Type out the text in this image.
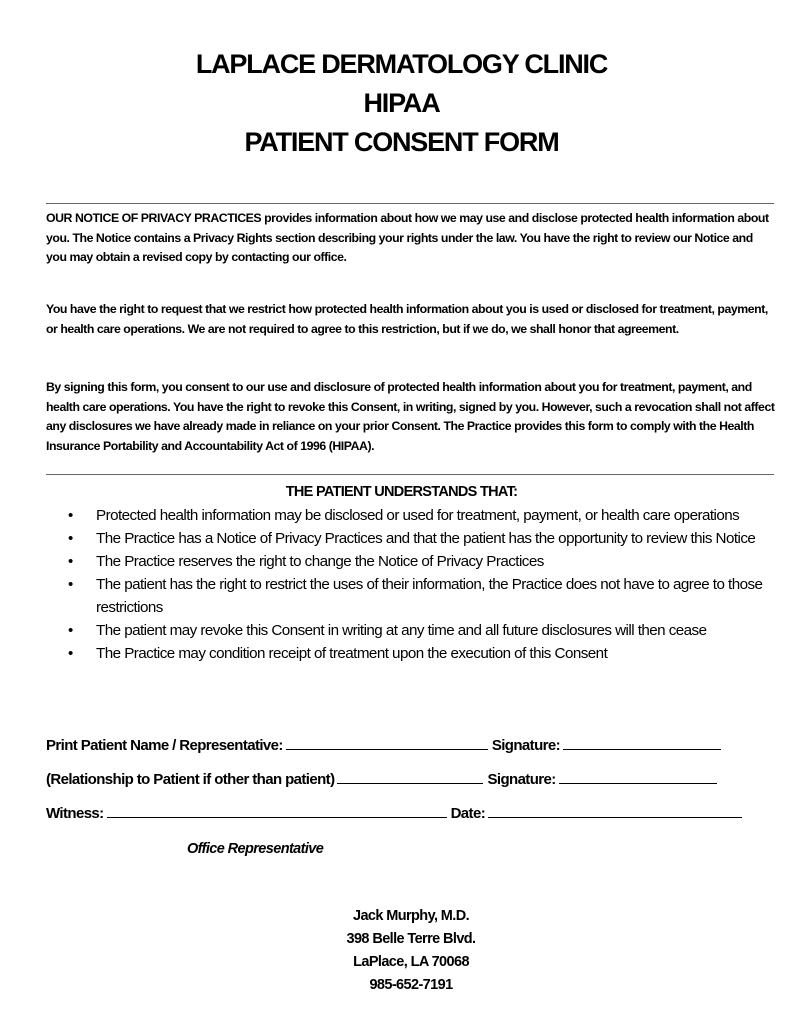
LAPLACE DERMATOLOGY CLINIC
HIPAA
PATIENT CONSENT FORM
OUR NOTICE OF PRIVACY PRACTICES provides information about how we may use and disclose protected health information about you. The Notice contains a Privacy Rights section describing your rights under the law. You have the right to review our Notice and you may obtain a revised copy by contacting our office.
You have the right to request that we restrict how protected health information about you is used or disclosed for treatment, payment, or health care operations. We are not required to agree to this restriction, but if we do, we shall honor that agreement.
By signing this form, you consent to our use and disclosure of protected health information about you for treatment, payment, and health care operations. You have the right to revoke this Consent, in writing, signed by you. However, such a revocation shall not affect any disclosures we have already made in reliance on your prior Consent. The Practice provides this form to comply with the Health Insurance Portability and Accountability Act of 1996 (HIPAA).
THE PATIENT UNDERSTANDS THAT:
• Protected health information may be disclosed or used for treatment, payment, or health care operations
• The Practice has a Notice of Privacy Practices and that the patient has the opportunity to review this Notice
• The Practice reserves the right to change the Notice of Privacy Practices
• The patient has the right to restrict the uses of their information, the Practice does not have to agree to those restrictions
• The patient may revoke this Consent in writing at any time and all future disclosures will then cease
• The Practice may condition receipt of treatment upon the execution of this Consent
Print Patient Name / Representative:	Signature:
(Relationship to Patient if other than patient)	Signature:
Witness:	Date:
Office Representative
Jack Murphy, M.D.
398 Belle Terre Blvd.
LaPlace, LA 70068
985-652-7191
